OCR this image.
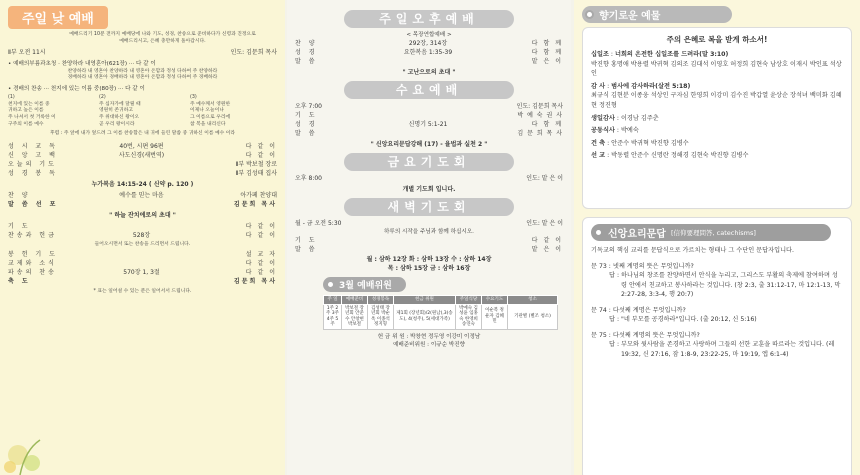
주일 낮 예배
예배드리기 10분 전까지 예배당에 나와 기도, 성경, 찬송으로 준비하다가 신령과 진정으로 예배드리시고, 은혜 충만하게 돌아갑시다.
Ⅱ부 오전 11시	인도: 김문희 목사
• 예배의부름과초청 · 찬양하라 내영혼아(621장) ··· 다 같 이
찬양하라 내 영혼아 찬양하라 내 영혼아 온맘과 정성 다하여 주 찬양하라
경배하라 내 영혼아 경배하라 내 영혼아 온맘과 정성 다하여 주 경배하라
• 경배의 찬송 ··· 천지에 있는 이름 중(80장) ··· 다 같 이
(1)
천지에 있는 이름 중
귀하고 높은 이름
주 나셔서 첫 거룩한 이
구주의 이름 예수
(2)
주 십자가에 달릴 때
영원히 존귀하고
주 위대하신 왕이오
곧 우리 왕이시라
(3)
주 예수께서 영원한
이제나 오늘이나
그 이름으로 우리에
참 복을 내리신다
후렴 : 주 앞에 내가 엎드려 그 이름 찬송함은 내 귀에 들린 말씀 중 귀하신 이름 예수 이라
성 시 교 독	40번, 시편 96편	다 같 이
신 앙 고 백	사도신경(새번역)	다 같 이
오늘의 기도	Ⅱ부 박보철 장로
성 경 봉 독	Ⅱ부 김성태 집사
누가복음 14:15-24 ( 신약 p. 120 )
찬 양	예수를 믿는 마음	아가페 찬양대
말 씀 선 포	김문희 목사
" 하늘 잔치에로의 초대 "
기 도	다 같 이
찬송과 헌금	528장	다 같 이
들어오시면서 또는 찬송을 드리면서 드립니다.
봉 헌 기 도	설 교 자
교제와 소식	다 같 이
파송의 찬송	570장 1, 3절	다 같 이
축 도	김문희 목사
* 표는 일어설 수 있는 분은 일어서서 드립니다.
주일오후예배
< 목장연합예배 >
찬 양	292장, 314장	다 함 께
성 경	요한복음 1:35-39	다 함 께
말 씀	맡 은 이
" 고난으로의 초대 "
수요예배
오후 7:00	인도: 김문희 목사
기 도	박 예 숙 권 사
성 경	신명기 5:1-21	다 함 께
말 씀	김 문 희 목 사
" 신앙요리문답강해 (17) - 율법과 실천 2 "
금요기도회
오후 8:00	인도: 맡 은 이
개별 기도회 입니다.
새벽기도회
월 - 금 오전 5:30	인도: 맡 은 이
하루의 시작을 주님과 함께 하십시오.
기 도	다 같 이
말 씀	맡 은 이
월 : 삼하 12장 화 : 삼하 13장 수 : 삼하 14장
목 : 삼하 15장 금 : 삼하 16장
3월 예배위원
주 일	예배준비	성경봉독	헌금 위원	주일식당	수요기도	청소
1주 2주 3주 4주 5주	박보철 장년회 안준수 안창현 박보철	김성태 장년회 박순옥 이종석 정지형	제1회 (장년회)/2(원남),3(송도), 4(청주), 5(세대가족)	박예숙 김성윤 임홍숙 한영희 송연숙	이순복 정운자 김혜민	기관별 (별조 청소)
헌 금 위 원 : 박창현 정두영 이강미 이정남
예배준비위원 : 이규순 박진향
향기로운 예물
주의 은혜로 복을 받게 하소서!
십일조 : 너희의 온전한 십일조를 드려라(말 3:10)
박진향 홍명애 박용렬 박귀혁 김의조 김대석 이영호 허정희 김현숙 남상호 이재시 박인표 석상인
감 사 : 범사에 감사하라(살전 5:18)
최규식 김현분 이종웅 석상인 구자심 한영희 이강미 김수진 박갑열 윤상순 장석녀 백미화 김혜현 정진형
생일감사 : 이경남 김주춘
공동식사 : 박예숙
건 축 : 안준수 박귀혁 박진향 김병수
선 교 : 박동렬 안준수 신명란 정해경 김현숙 박진향 김병수
신앙요리문답 [信仰要理問答, catechisms]
기독교의 핵심 교리를 문답식으로 가르치는 형태나 그 수단인 문답자입니다.
문 73 : 넷째 계명의 뜻은 무엇입니까?
답 : 하나님의 창조를 찬양하면서 안식을 누리고, 그리스도 부활의 축제에 참여하며 성령 안에서 친교하고 봉사하라는 것입니다. (창 2:3, 출 31:12-17, 마 12:1-13, 막 2:27-28, 3:3-4, 행 20:7)
문 74 : 다섯째 계명은 무엇입니까?
답 : "네 부모를 공경하라"입니다. (출 20:12, 신 5:16)
문 75 : 다섯째 계명의 뜻은 무엇입니까?
답 : 부모와 윗사람을 존경하고 사랑하며 그들의 선한 교훈을 따르라는 것입니다. (레 19:32, 신 27:16, 잠 1:8-9, 23:22-25, 마 19:19, 엡 6:1-4)
